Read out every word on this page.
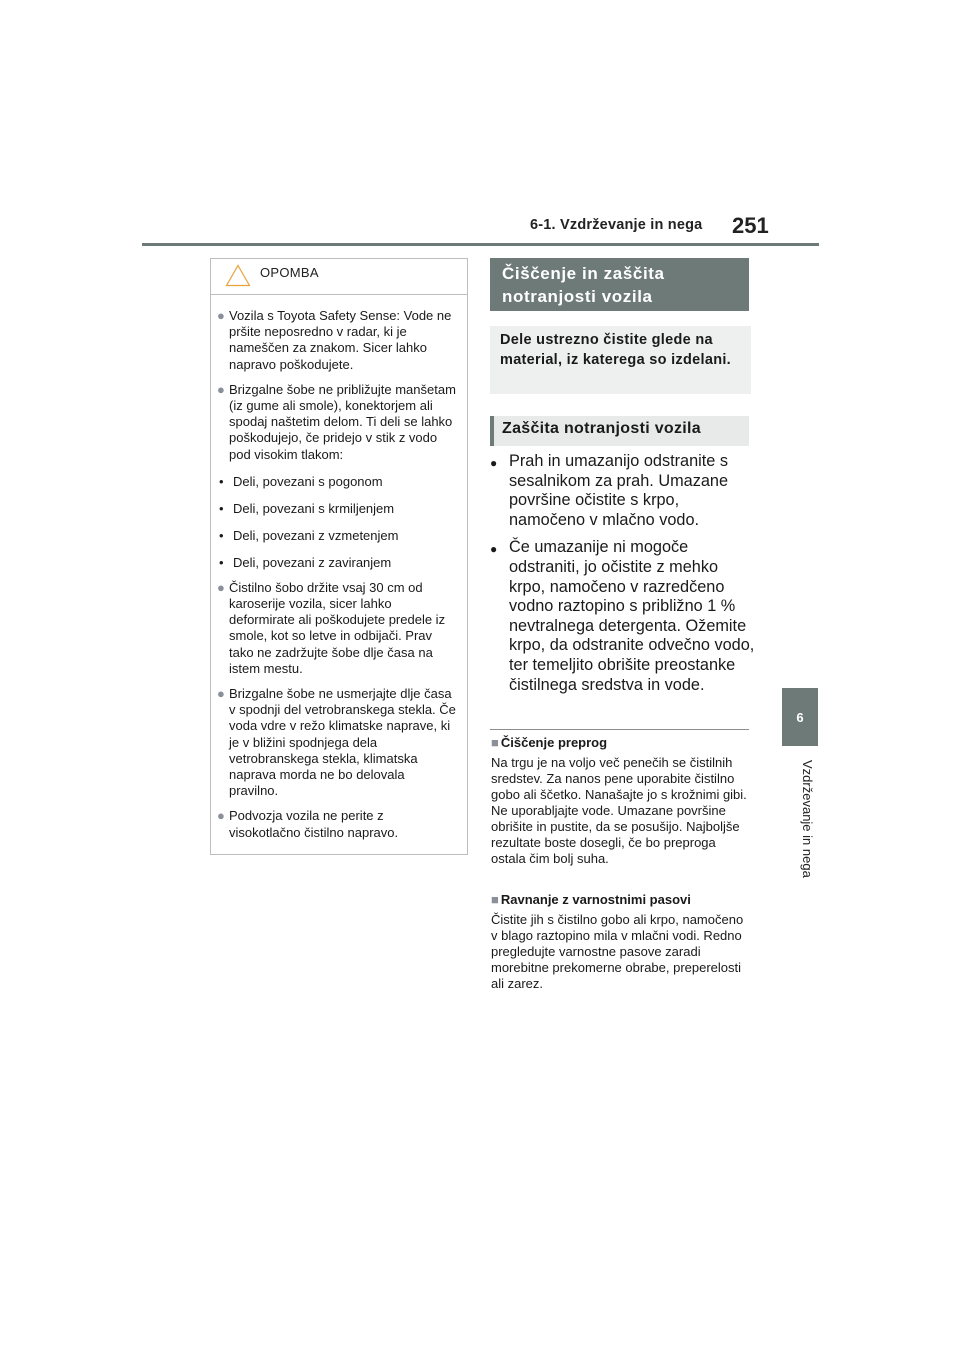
6-1. Vzdrževanje in nega 251
6
Vzdrževanje in nega
OPOMBA
● Vozila s Toyota Safety Sense: Vode ne pršite neposredno v radar, ki je nameščen za znakom. Sicer lahko napravo poškodujete.
● Brizgalne šobe ne približujte manšetam (iz gume ali smole), konektorjem ali spodaj naštetim delom. Ti deli se lahko poškodujejo, če pridejo v stik z vodo pod visokim tlakom:
• Deli, povezani s pogonom
• Deli, povezani s krmiljenjem
• Deli, povezani z vzmetenjem
• Deli, povezani z zaviranjem
● Čistilno šobo držite vsaj 30 cm od karoserije vozila, sicer lahko deformirate ali poškodujete predele iz smole, kot so letve in odbijači. Prav tako ne zadržujte šobe dlje časa na istem mestu.
● Brizgalne šobe ne usmerjajte dlje časa v spodnji del vetrobranskega stekla. Če voda vdre v režo klimatske naprave, ki je v bližini spodnjega dela vetrobranskega stekla, klimatska naprava morda ne bo delovala pravilno.
● Podvozja vozila ne perite z visokotlačno čistilno napravo.
Čiščenje in zaščita notranjosti vozila
Dele ustrezno čistite glede na material, iz katerega so izdelani.
Zaščita notranjosti vozila
● Prah in umazanijo odstranite s sesalnikom za prah. Umazane površine očistite s krpo, namočeno v mlačno vodo.
● Če umazanije ni mogoče odstraniti, jo očistite z mehko krpo, namočeno v razredčeno vodno raztopino s približno 1 % nevtralnega detergenta. Ožemite krpo, da odstranite odvečno vodo, ter temeljito obrišite preostanke čistilnega sredstva in vode.
■ Čiščenje preprog
Na trgu je na voljo več penečih se čistilnih sredstev. Za nanos pene uporabite čistilno gobo ali ščetko. Nanašajte jo s krožnimi gibi. Ne uporabljajte vode. Umazane površine obrišite in pustite, da se posušijo. Najboljše rezultate boste dosegli, če bo preproga ostala čim bolj suha.
■ Ravnanje z varnostnimi pasovi
Čistite jih s čistilno gobo ali krpo, namočeno v blago raztopino mila v mlačni vodi. Redno pregledujte varnostne pasove zaradi morebitne prekomerne obrabe, preperelosti ali zarez.
